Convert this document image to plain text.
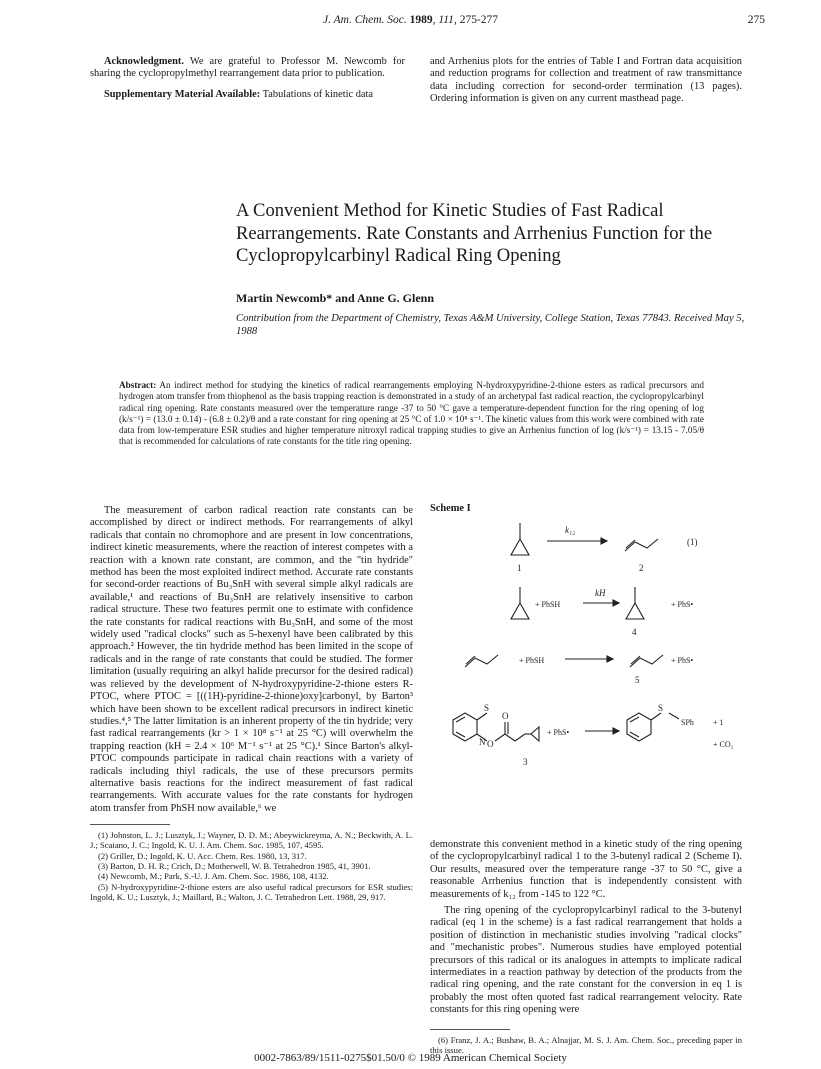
J. Am. Chem. Soc. 1989, 111, 275-277	275

Acknowledgment. We are grateful to Professor M. Newcomb for sharing the cyclopropylmethyl rearrangement data prior to publication.

Supplementary Material Available: Tabulations of kinetic data

and Arrhenius plots for the entries of Table I and Fortran data acquisition and reduction programs for collection and treatment of raw transmittance data including correction for second-order termination (13 pages). Ordering information is given on any current masthead page.

A Convenient Method for Kinetic Studies of Fast Radical Rearrangements. Rate Constants and Arrhenius Function for the Cyclopropylcarbinyl Radical Ring Opening
Martin Newcomb* and Anne G. Glenn
Contribution from the Department of Chemistry, Texas A&M University, College Station, Texas 77843. Received May 5, 1988
Abstract: An indirect method for studying the kinetics of radical rearrangements employing N-hydroxypyridine-2-thione esters as radical precursors and hydrogen atom transfer from thiophenol as the basis trapping reaction is demonstrated in a study of an archetypal fast radical reaction, the cyclopropylcarbinyl radical ring opening. Rate constants measured over the temperature range -37 to 50 °C gave a temperature-dependent function for the ring opening of log (k/s⁻¹) = (13.0 ± 0.14) - (6.8 ± 0.2)/θ and a rate constant for ring opening at 25 °C of 1.0 × 10⁸ s⁻¹. The kinetic values from this work were combined with rate data from low-temperature ESR studies and higher temperature nitroxyl radical trapping studies to give an Arrhenius function of log (k/s⁻¹) = 13.15 - 7.05/θ that is recommended for calculations of rate constants for the title ring opening.

The measurement of carbon radical reaction rate constants can be accomplished by direct or indirect methods. For rearrangements of alkyl radicals that contain no chromophore and are present in low concentrations, indirect kinetic measurements, where the reaction of interest competes with a reaction with a known rate constant, are common, and the "tin hydride" method has been the most exploited indirect method. Accurate rate constants for second-order reactions of Bu₃SnH with several simple alkyl radicals are available,¹ and reactions of Bu₃SnH are relatively insensitive to carbon radical structure. These two features permit one to estimate with confidence the rate constants for radical reactions with Bu₃SnH, and some of the most widely used "radical clocks" such as 5-hexenyl have been calibrated by this approach.² However, the tin hydride method has been limited in the scope of radicals and in the range of rate constants that could be studied. The former limitation (usually requiring an alkyl halide precursor for the desired radical) was relieved by the development of N-hydroxypyridine-2-thione esters R-PTOC, where PTOC = [((1H)-pyridine-2-thione)oxy]carbonyl, by Barton³ which have been shown to be excellent radical precursors in indirect kinetic studies.⁴,⁵ The latter limitation is an inherent property of the tin hydride; very fast radical rearrangements (kr > 1 × 10⁸ s⁻¹ at 25 °C) will overwhelm the trapping reaction (kH = 2.4 × 10⁶ M⁻¹ s⁻¹ at 25 °C).¹ Since Barton's alkyl-PTOC compounds participate in radical chain reactions with a variety of radicals including thiyl radicals, the use of these precursors permits alternative basis reactions for the indirect measurement of fast radical rearrangements. With accurate values for the rate constants for hydrogen atom transfer from PhSH now available,⁶ we

(1) Johnston, L. J.; Lusztyk, J.; Wayner, D. D. M.; Abeywickreyma, A. N.; Beckwith, A. L. J.; Scaiano, J. C.; Ingold, K. U. J. Am. Chem. Soc. 1985, 107, 4595.
(2) Griller, D.; Ingold, K. U. Acc. Chem. Res. 1980, 13, 317.
(3) Barton, D. H. R.; Crich, D.; Motherwell, W. B. Tetrahedron 1985, 41, 3901.
(4) Newcomb, M.; Park, S.-U. J. Am. Chem. Soc. 1986, 108, 4132.
(5) N-hydroxypyridine-2-thione esters are also useful radical precursors for ESR studies: Ingold, K. U.; Lusztyk, J.; Maillard, B.; Walton, J. C. Tetrahedron Lett. 1988, 29, 917.
Scheme I
k₁₂
(1)
1	2
+ PhSH
kH
+ PhS•
4
+ PhSH	+ PhS•
5
S
N O
O
+ PhS•
S
SPh + 1
+ CO₂
3

demonstrate this convenient method in a kinetic study of the ring opening of the cyclopropylcarbinyl radical 1 to the 3-butenyl radical 2 (Scheme I). Our results, measured over the temperature range -37 to 50 °C, give a reasonable Arrhenius function that is independently consistent with measurements of k₁₂ from -145 to 122 °C.

The ring opening of the cyclopropylcarbinyl radical to the 3-butenyl radical (eq 1 in the scheme) is a fast radical rearrangement that holds a position of distinction in mechanistic studies involving "radical clocks" and "mechanistic probes". Numerous studies have employed potential precursors of this radical or its analogues in attempts to implicate radical intermediates in a reaction pathway by detection of the products from the radical ring opening, and the rate constant for the conversion in eq 1 is probably the most often quoted fast radical rearrangement velocity. Rate constants for this ring opening were

(6) Franz, J. A.; Bushaw, B. A.; Alnajjar, M. S. J. Am. Chem. Soc., preceding paper in this issue.
0002-7863/89/1511-0275$01.50/0 © 1989 American Chemical Society
